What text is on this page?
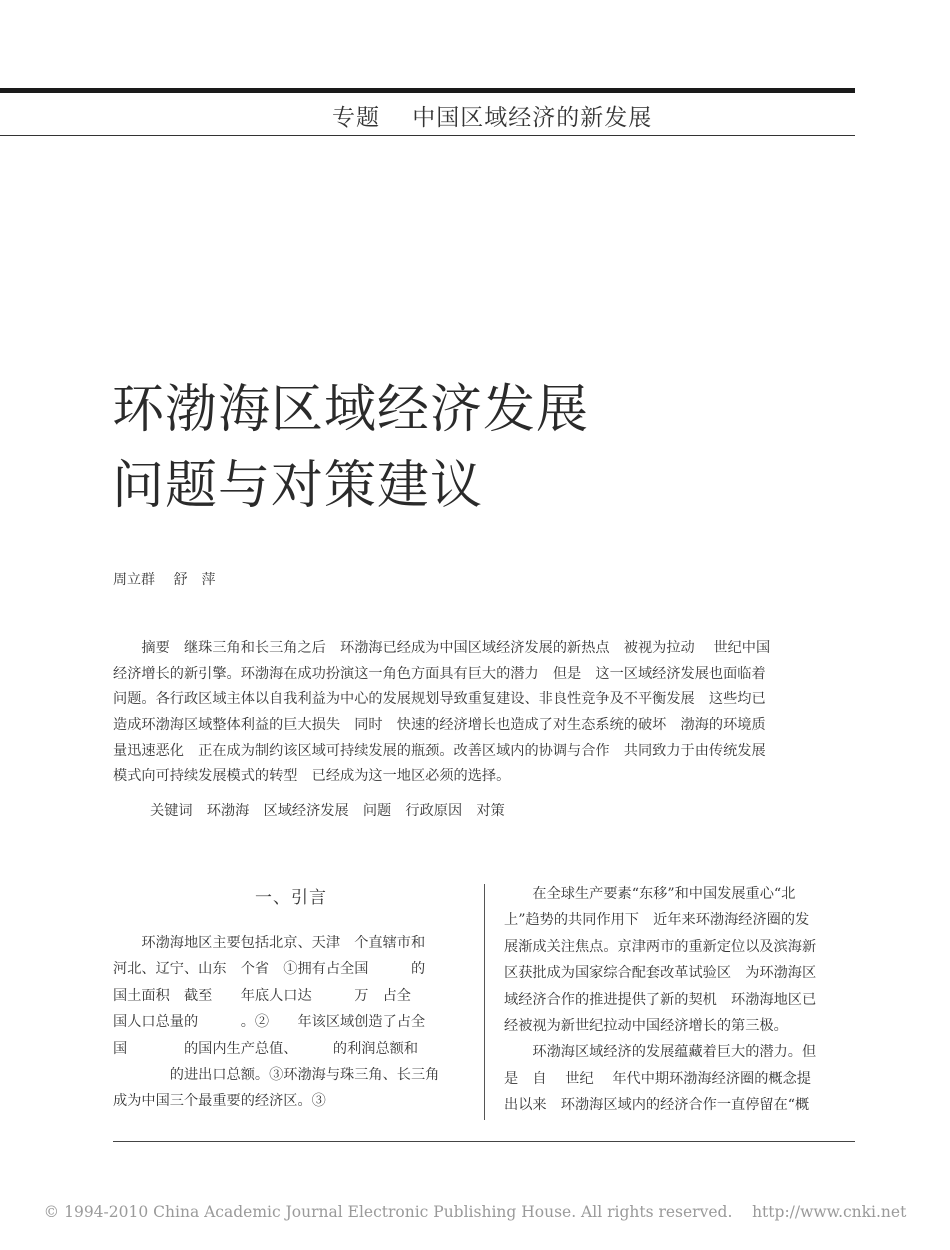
专题　 中国区域经济的新发展
环渤海区域经济发展
问题与对策建议
周立群　 舒　萍
　　摘要　继珠三角和长三角之后　环渤海已经成为中国区域经济发展的新热点　被视为拉动　 世纪中国
经济增长的新引擎。环渤海在成功扮演这一角色方面具有巨大的潜力　但是　这一区域经济发展也面临着
问题。各行政区域主体以自我利益为中心的发展规划导致重复建设、非良性竞争及不平衡发展　这些均已
造成环渤海区域整体利益的巨大损失　同时　快速的经济增长也造成了对生态系统的破坏　渤海的环境质
量迅速恶化　正在成为制约该区域可持续发展的瓶颈。改善区域内的协调与合作　共同致力于由传统发展
模式向可持续发展模式的转型　已经成为这一地区必须的选择。
关键词　环渤海　区域经济发展　问题　行政原因　对策
一、引言
　　环渤海地区主要包括北京、天津　个直辖市和
河北、辽宁、山东　个省　①拥有占全国　　　的
国土面积　截至　　年底人口达　　　万　占全
国人口总量的　　　。②　　年该区域创造了占全
国　　　　的国内生产总值、　　　的利润总额和
　　　　的进出口总额。③环渤海与珠三角、长三角
成为中国三个最重要的经济区。③
　　在全球生产要素“东移”和中国发展重心“北
上”趋势的共同作用下　近年来环渤海经济圈的发
展渐成关注焦点。京津两市的重新定位以及滨海新
区获批成为国家综合配套改革试验区　为环渤海区
域经济合作的推进提供了新的契机　环渤海地区已
经被视为新世纪拉动中国经济增长的第三极。
　　环渤海区域经济的发展蕴藏着巨大的潜力。但
是　自　 世纪　 年代中期环渤海经济圈的概念提
出以来　环渤海区域内的经济合作一直停留在“概
© 1994-2010 China Academic Journal Electronic Publishing House. All rights reserved.    http://www.cnki.net
